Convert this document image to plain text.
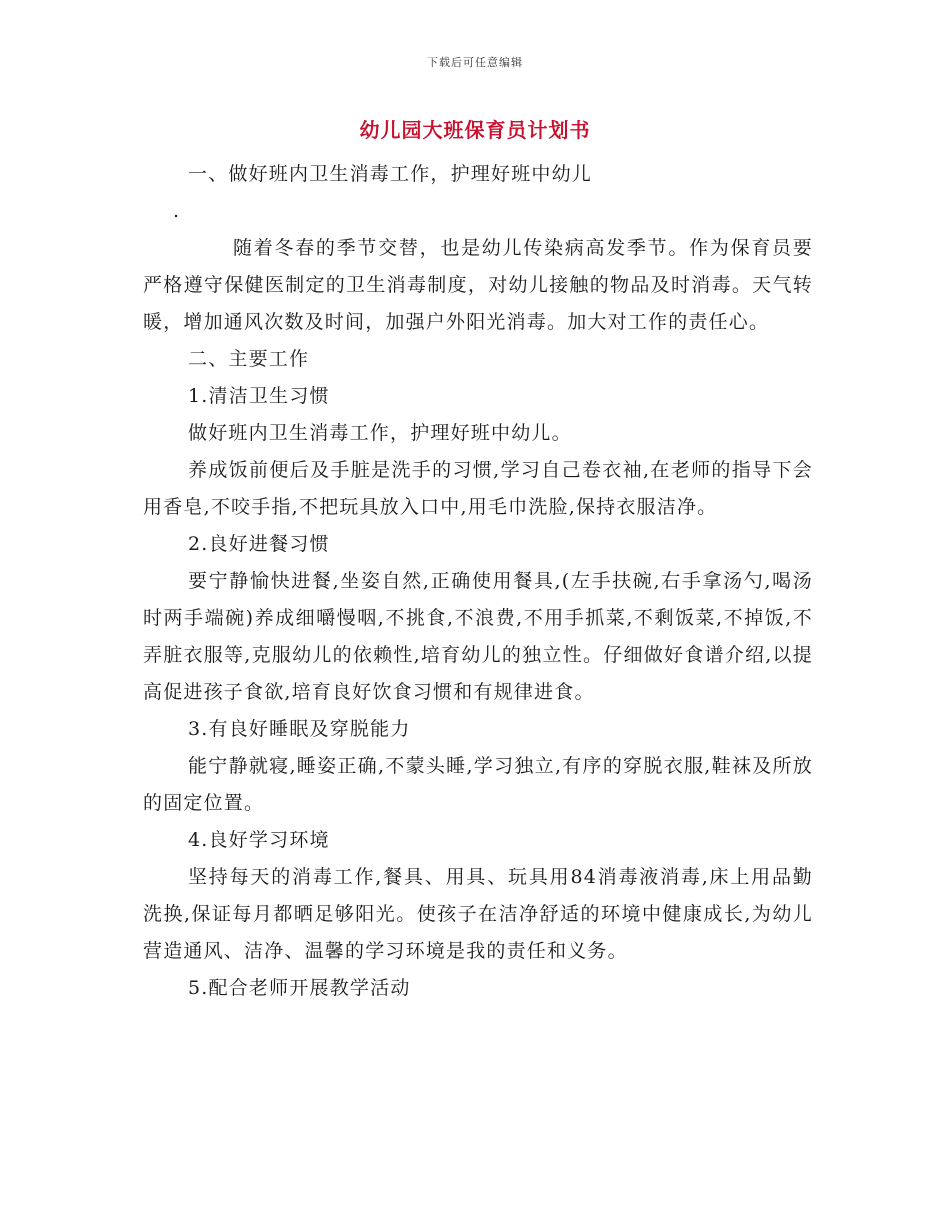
下载后可任意编辑
幼儿园大班保育员计划书

一、做好班内卫生消毒工作，护理好班中幼儿

.

随着冬春的季节交替，也是幼儿传染病高发季节。作为保育员要严格遵守保健医制定的卫生消毒制度，对幼儿接触的物品及时消毒。天气转暖，增加通风次数及时间，加强户外阳光消毒。加大对工作的责任心。

二、主要工作

1.清洁卫生习惯

做好班内卫生消毒工作，护理好班中幼儿。

养成饭前便后及手脏是洗手的习惯,学习自己卷衣袖,在老师的指导下会用香皂,不咬手指,不把玩具放入口中,用毛巾洗脸,保持衣服洁净。

2.良好进餐习惯

要宁静愉快进餐,坐姿自然,正确使用餐具,(左手扶碗,右手拿汤勺,喝汤时两手端碗)养成细嚼慢咽,不挑食,不浪费,不用手抓菜,不剩饭菜,不掉饭,不弄脏衣服等,克服幼儿的依赖性,培育幼儿的独立性。仔细做好食谱介绍,以提高促进孩子食欲,培育良好饮食习惯和有规律进食。

3.有良好睡眠及穿脱能力

能宁静就寝,睡姿正确,不蒙头睡,学习独立,有序的穿脱衣服,鞋袜及所放的固定位置。

4.良好学习环境

坚持每天的消毒工作,餐具、用具、玩具用84消毒液消毒,床上用品勤洗换,保证每月都晒足够阳光。使孩子在洁净舒适的环境中健康成长,为幼儿营造通风、洁净、温馨的学习环境是我的责任和义务。

5.配合老师开展教学活动
